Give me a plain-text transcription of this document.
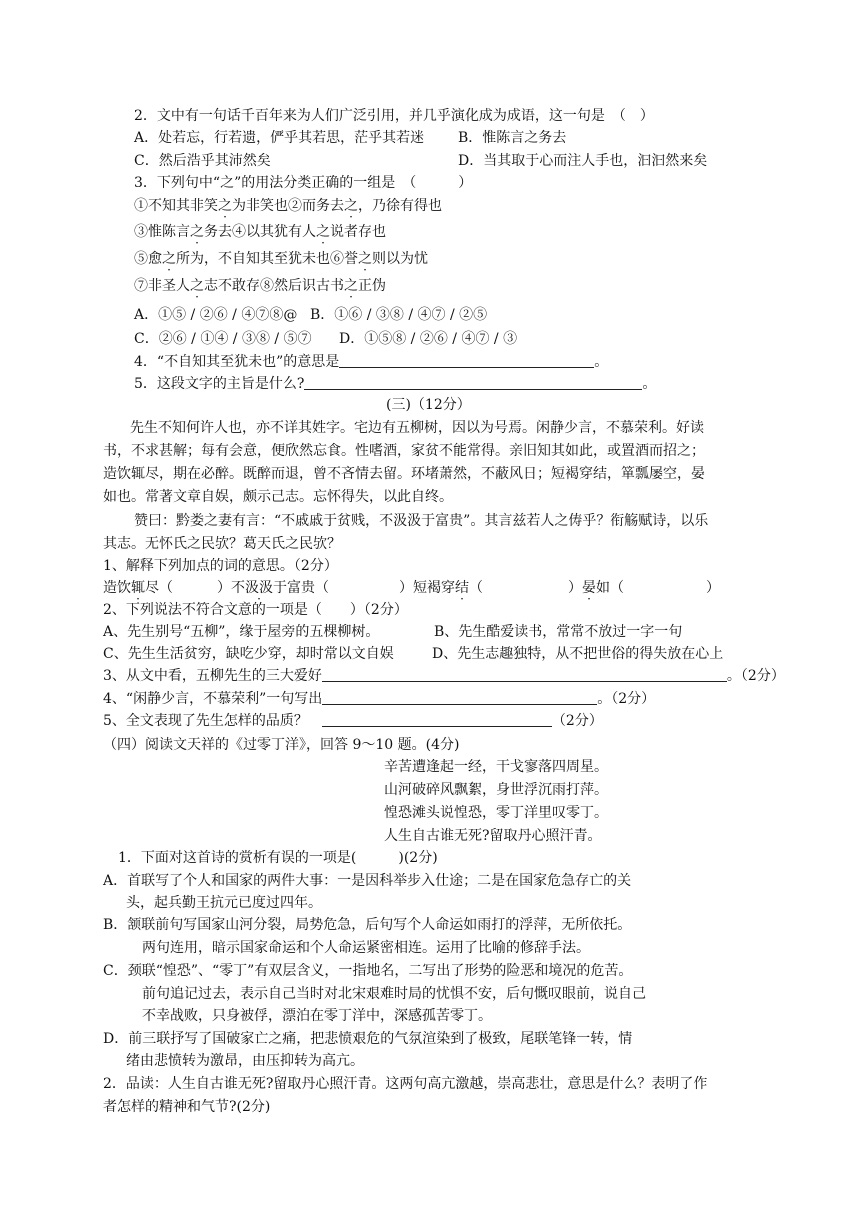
2．文中有一句话千百年来为人们广泛引用，并几乎演化成为成语，这一句是　（　）
A．处若忘，行若遗，俨乎其若思，茫乎其若迷 B．惟陈言之务去
C．然后浩乎其沛然矣	D．当其取于心而注人手也，汩汩然来矣
3．下列句中“之”的用法分类正确的一组是　（　　　）
①不知其非笑之为非笑也②而务去之，乃徐有得也
③惟陈言之务去④以其犹有人之说者存也
⑤愈之所为，不自知其至犹未也⑥誉之则以为忧
⑦非圣人之志不敢存⑧然后识古书之正伪
A．①⑤ / ②⑥ / ④⑦⑧@ B．①⑥ / ③⑧ / ④⑦ / ②⑤
C．②⑥ / ①④ / ③⑧ / ⑤⑦ D．①⑤⑧ / ②⑥ / ④⑦ / ③
4．“不自知其至犹未也”的意思是	。
5．这段文字的主旨是什么?	。
(三)（12分）
先生不知何许人也，亦不详其姓字。宅边有五柳树，因以为号焉。闲静少言，不慕荣利。好读
书，不求甚解；每有会意，便欣然忘食。性嗜酒，家贫不能常得。亲旧知其如此，或置酒而招之；
造饮辄尽，期在必醉。既醉而退，曾不吝情去留。环堵萧然，不蔽风日；短褐穿结，箪瓢屡空，晏
如也。常著文章自娱，颇示己志。忘怀得失，以此自终。
赞曰：黔娄之妻有言：“不戚戚于贫贱，不汲汲于富贵”。其言兹若人之俦乎？衔觞赋诗，以乐
其志。无怀氏之民欤？葛天氏之民欤？
1、解释下列加点的词的意思。（2分）
造饮辄尽（	）不汲汲于富贵（	）短褐穿结（	）晏如（	）
2、下列说法不符合文意的一项是（　　）（2分）
A、先生别号“五柳”，缘于屋旁的五棵柳树。	B、先生酷爱读书，常常不放过一字一句
C、先生生活贫穷，缺吃少穿，却时常以文自娱	D、先生志趣独特，从不把世俗的得失放在心上
3、从文中看，五柳先生的三大爱好	。（2分）
4、“闲静少言，不慕荣利”一句写出	。（2分）
5、全文表现了先生怎样的品质？	（2分）
（四）阅读文天祥的《过零丁洋》，回答 9～10 题。(4分)
辛苦遭逢起一经，干戈寥落四周星。
山河破碎风飘絮，身世浮沉雨打萍。
惶恐滩头说惶恐，零丁洋里叹零丁。
人生自古谁无死?留取丹心照汗青。
1．下面对这首诗的赏析有误的一项是(　　　)(2分)
A．首联写了个人和国家的两件大事：一是因科举步入仕途；二是在国家危急存亡的关
头，起兵勤王抗元已度过四年。
B．颔联前句写国家山河分裂，局势危急，后句写个人命运如雨打的浮萍，无所依托。
两句连用，暗示国家命运和个人命运紧密相连。运用了比喻的修辞手法。
C．颈联“惶恐”、“零丁”有双层含义，一指地名，二写出了形势的险恶和境况的危苦。
前句追记过去，表示自己当时对北宋艰难时局的忧惧不安，后句慨叹眼前，说自己
不幸战败，只身被俘，漂泊在零丁洋中，深感孤苦零丁。
D．前三联抒写了国破家亡之痛，把悲愤艰危的气氛渲染到了极致，尾联笔锋一转，情
绪由悲愤转为激昂，由压抑转为高亢。
2．品读：人生自古谁无死?留取丹心照汗青。这两句高亢激越，崇高悲壮，意思是什么？表明了作
者怎样的精神和气节?(2分)
